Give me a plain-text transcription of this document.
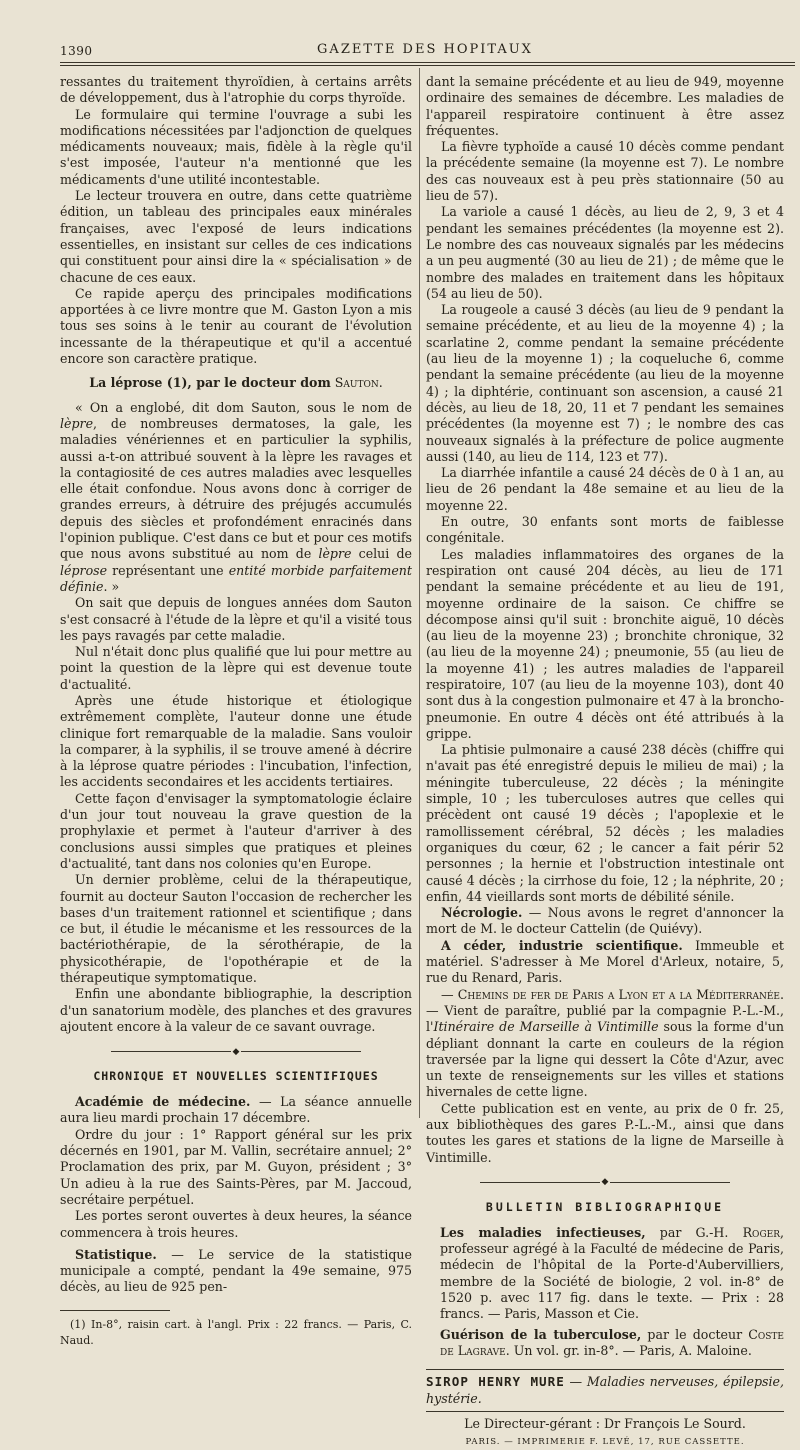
1390	GAZETTE DES HOPITAUX

ressantes du traitement thyroïdien, à certains arrêts de développement, dus à l'atrophie du corps thyroïde.

Le formulaire qui termine l'ouvrage a subi les modifications nécessitées par l'adjonction de quelques médicaments nouveaux; mais, fidèle à la règle qu'il s'est imposée, l'auteur n'a mentionné que les médicaments d'une utilité incontestable.

Le lecteur trouvera en outre, dans cette quatrième édition, un tableau des principales eaux minérales françaises, avec l'exposé de leurs indications essentielles, en insistant sur celles de ces indications qui constituent pour ainsi dire la « spécialisation » de chacune de ces eaux.

Ce rapide aperçu des principales modifications apportées à ce livre montre que M. Gaston Lyon a mis tous ses soins à le tenir au courant de l'évolution incessante de la thérapeutique et qu'il a accentué encore son caractère pratique.

La léprose (1), par le docteur dom Sauton.

« On a englobé, dit dom Sauton, sous le nom de lèpre, de nombreuses dermatoses, la gale, les maladies vénériennes et en particulier la syphilis, aussi a-t-on attribué souvent à la lèpre les ravages et la contagiosité de ces autres maladies avec lesquelles elle était confondue. Nous avons donc à corriger de grandes erreurs, à détruire des préjugés accumulés depuis des siècles et profondément enracinés dans l'opinion publique. C'est dans ce but et pour ces motifs que nous avons substitué au nom de lèpre celui de léprose représentant une entité morbide parfaitement définie. »

On sait que depuis de longues années dom Sauton s'est consacré à l'étude de la lèpre et qu'il a visité tous les pays ravagés par cette maladie.

Nul n'était donc plus qualifié que lui pour mettre au point la question de la lèpre qui est devenue toute d'actualité.

Après une étude historique et étiologique extrêmement complète, l'auteur donne une étude clinique fort remarquable de la maladie. Sans vouloir la comparer, à la syphilis, il se trouve amené à décrire à la léprose quatre périodes : l'incubation, l'infection, les accidents secondaires et les accidents tertiaires.

Cette façon d'envisager la symptomatologie éclaire d'un jour tout nouveau la grave question de la prophylaxie et permet à l'auteur d'arriver à des conclusions aussi simples que pratiques et pleines d'actualité, tant dans nos colonies qu'en Europe.

Un dernier problème, celui de la thérapeutique, fournit au docteur Sauton l'occasion de rechercher les bases d'un traitement rationnel et scientifique ; dans ce but, il étudie le mécanisme et les ressources de la bactériothérapie, de la sérothérapie, de la physicothérapie, de l'opothérapie et de la thérapeutique symptomatique.

Enfin une abondante bibliographie, la description d'un sanatorium modèle, des planches et des gravures ajoutent encore à la valeur de ce savant ouvrage.

◆
CHRONIQUE ET NOUVELLES SCIENTIFIQUES

Académie de médecine. — La séance annuelle aura lieu mardi prochain 17 décembre.

Ordre du jour : 1° Rapport général sur les prix décernés en 1901, par M. Vallin, secrétaire annuel; 2° Proclamation des prix, par M. Guyon, président ; 3° Un adieu à la rue des Saints-Pères, par M. Jaccoud, secrétaire perpétuel.

Les portes seront ouvertes à deux heures, la séance commencera à trois heures.

Statistique. — Le service de la statistique municipale a compté, pendant la 49e semaine, 975 décès, au lieu de 925 pen-

(1) In-8°, raisin cart. à l'angl. Prix : 22 francs. — Paris, C. Naud.

dant la semaine précédente et au lieu de 949, moyenne ordinaire des semaines de décembre. Les maladies de l'appareil respiratoire continuent à être assez fréquentes.

La fièvre typhoïde a causé 10 décès comme pendant la précédente semaine (la moyenne est 7). Le nombre des cas nouveaux est à peu près stationnaire (50 au lieu de 57).

La variole a causé 1 décès, au lieu de 2, 9, 3 et 4 pendant les semaines précédentes (la moyenne est 2). Le nombre des cas nouveaux signalés par les médecins a un peu augmenté (30 au lieu de 21) ; de même que le nombre des malades en traitement dans les hôpitaux (54 au lieu de 50).

La rougeole a causé 3 décès (au lieu de 9 pendant la semaine précédente, et au lieu de la moyenne 4) ; la scarlatine 2, comme pendant la semaine précédente (au lieu de la moyenne 1) ; la coqueluche 6, comme pendant la semaine précédente (au lieu de la moyenne 4) ; la diphtérie, continuant son ascension, a causé 21 décès, au lieu de 18, 20, 11 et 7 pendant les semaines précédentes (la moyenne est 7) ; le nombre des cas nouveaux signalés à la préfecture de police augmente aussi (140, au lieu de 114, 123 et 77).

La diarrhée infantile a causé 24 décès de 0 à 1 an, au lieu de 26 pendant la 48e semaine et au lieu de la moyenne 22.

En outre, 30 enfants sont morts de faiblesse congénitale.

Les maladies inflammatoires des organes de la respiration ont causé 204 décès, au lieu de 171 pendant la semaine précédente et au lieu de 191, moyenne ordinaire de la saison. Ce chiffre se décompose ainsi qu'il suit : bronchite aiguë, 10 décès (au lieu de la moyenne 23) ; bronchite chronique, 32 (au lieu de la moyenne 24) ; pneumonie, 55 (au lieu de la moyenne 41) ; les autres maladies de l'appareil respiratoire, 107 (au lieu de la moyenne 103), dont 40 sont dus à la congestion pulmonaire et 47 à la broncho-pneumonie. En outre 4 décès ont été attribués à la grippe.

La phtisie pulmonaire a causé 238 décès (chiffre qui n'avait pas été enregistré depuis le milieu de mai) ; la méningite tuberculeuse, 22 décès ; la méningite simple, 10 ; les tuberculoses autres que celles qui précèdent ont causé 19 décès ; l'apoplexie et le ramollissement cérébral, 52 décès ; les maladies organiques du cœur, 62 ; le cancer a fait périr 52 personnes ; la hernie et l'obstruction intestinale ont causé 4 décès ; la cirrhose du foie, 12 ; la néphrite, 20 ; enfin, 44 vieillards sont morts de débilité sénile.

Nécrologie. — Nous avons le regret d'annoncer la mort de M. le docteur Cattelin (de Quiévy).

A céder, industrie scientifique. Immeuble et matériel. S'adresser à Me Morel d'Arleux, notaire, 5, rue du Renard, Paris.

— Chemins de fer de Paris a Lyon et a la Méditerranée. — Vient de paraître, publié par la compagnie P.-L.-M., l'Itinéraire de Marseille à Vintimille sous la forme d'un dépliant donnant la carte en couleurs de la région traversée par la ligne qui dessert la Côte d'Azur, avec un texte de renseignements sur les villes et stations hivernales de cette ligne.

Cette publication est en vente, au prix de 0 fr. 25, aux bibliothèques des gares P.-L.-M., ainsi que dans toutes les gares et stations de la ligne de Marseille à Vintimille.

◆
BULLETIN BIBLIOGRAPHIQUE

Les maladies infectieuses, par G.-H. Roger, professeur agrégé à la Faculté de médecine de Paris, médecin de l'hôpital de la Porte-d'Aubervilliers, membre de la Société de biologie, 2 vol. in-8° de 1520 p. avec 117 fig. dans le texte. — Prix : 28 francs. — Paris, Masson et Cie.

Guérison de la tuberculose, par le docteur Coste de Lagrave. Un vol. gr. in-8°. — Paris, A. Maloine.

SIROP HENRY MURE — Maladies nerveuses, épilepsie, hystérie.
Le Directeur-gérant : Dr François Le Sourd.
PARIS. — IMPRIMERIE F. LEVÉ, 17, RUE CASSETTE.
